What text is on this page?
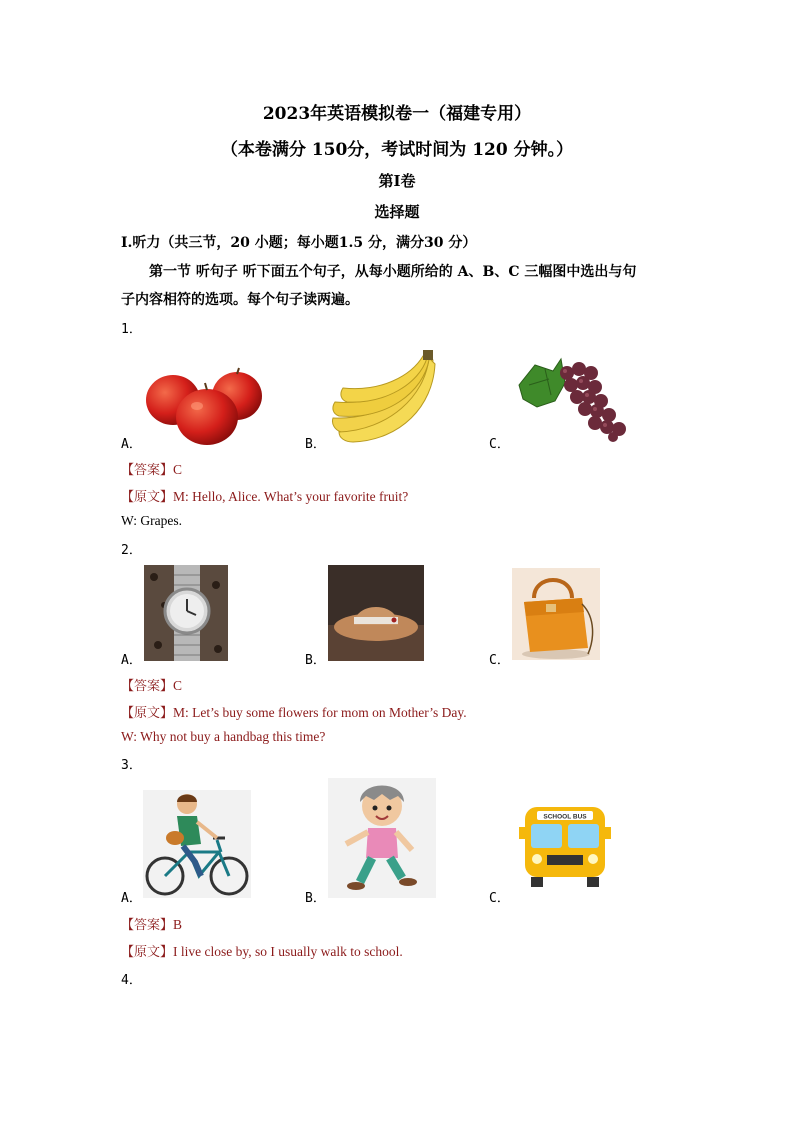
2023年英语模拟卷一（福建专用）
（本卷满分 150分，考试时间为 120 分钟。）
第Ⅰ卷
选择题
Ⅰ.听力（共三节，20 小题；每小题1.5 分，满分30 分）
第一节 听句子 听下面五个句子，从每小题所给的 A、B、C 三幅图中选出与句
子内容相符的选项。每个句子读两遍。
1．
A．	B．	C．
【答案】C
【原文】M: Hello, Alice. What’s your favorite fruit?
W: Grapes.
2．
A．	B．	C．
【答案】C
【原文】M: Let’s buy some flowers for mom on Mother’s Day.
W: Why not buy a handbag this time?
3．
SCHOOL BUS
A．	B．	C．
【答案】B
【原文】I live close by, so I usually walk to school.
4．
